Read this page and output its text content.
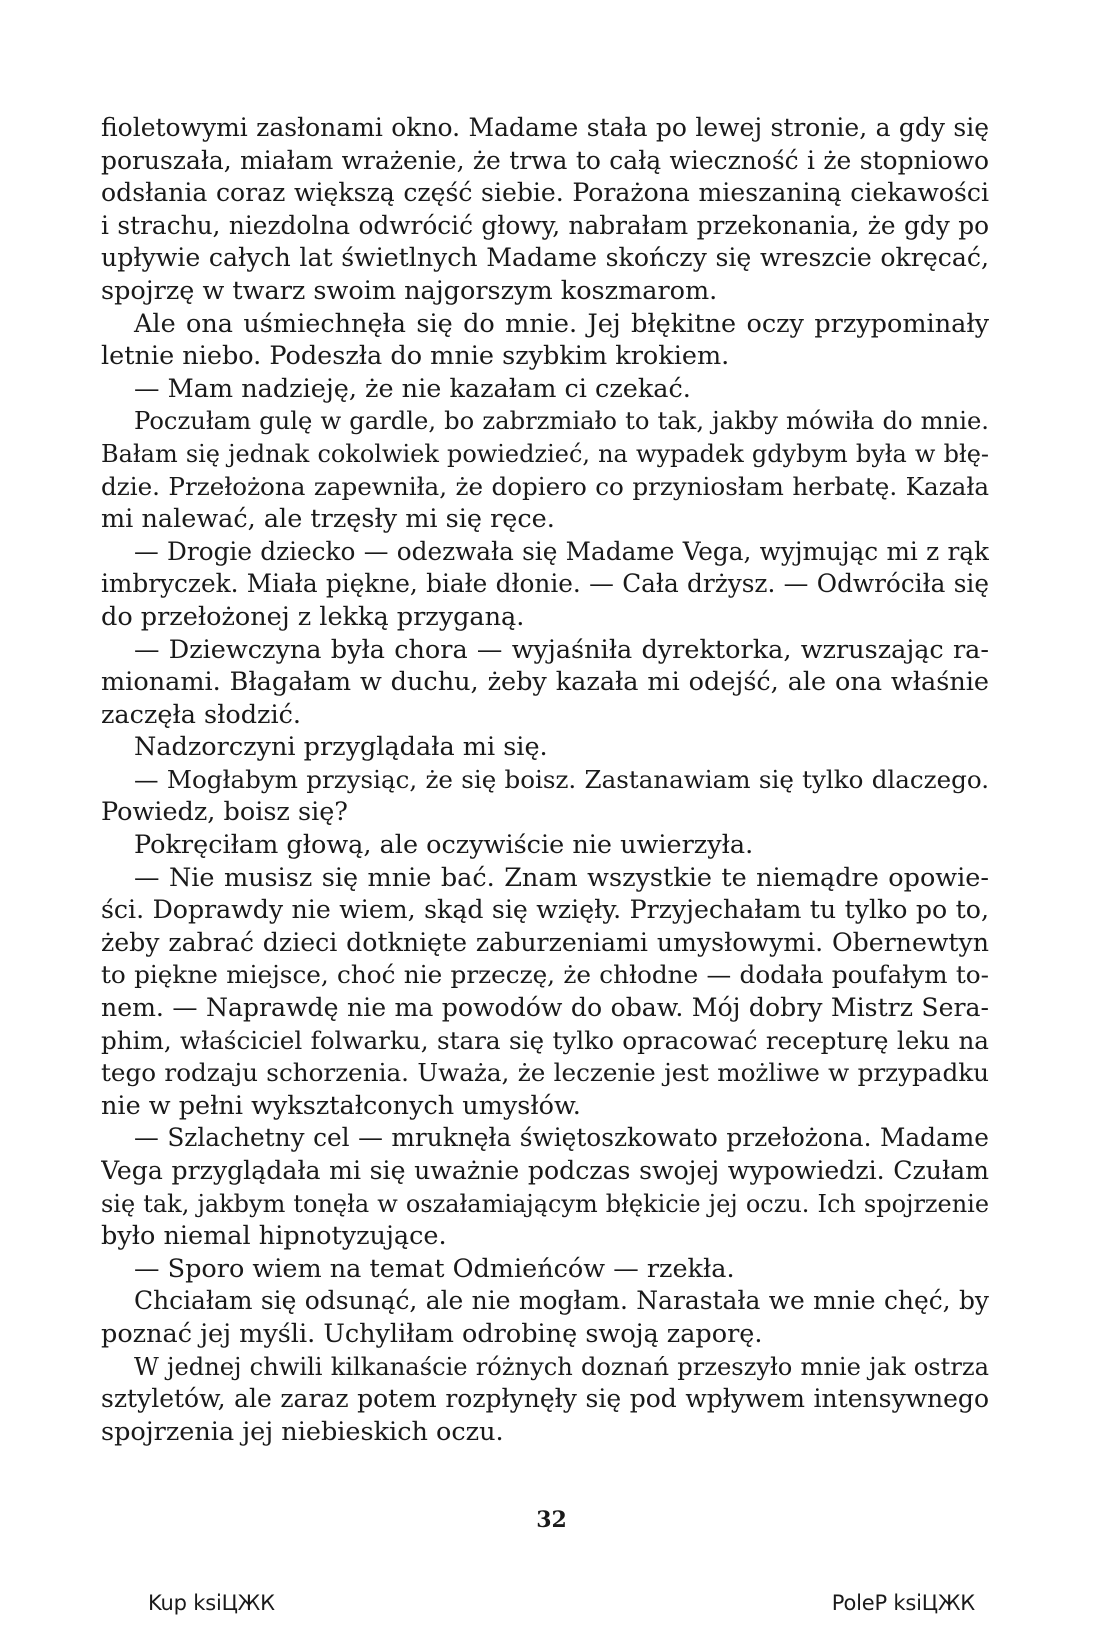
fioletowymi zasłonami okno. Madame stała po lewej stronie, a gdy się
poruszała, miałam wrażenie, że trwa to całą wieczność i że stopniowo
odsłania coraz większą część siebie. Porażona mieszaniną ciekawości
i strachu, niezdolna odwrócić głowy, nabrałam przekonania, że gdy po
upływie całych lat świetlnych Madame skończy się wreszcie okręcać,
spojrzę w twarz swoim najgorszym koszmarom.
Ale ona uśmiechnęła się do mnie. Jej błękitne oczy przypominały
letnie niebo. Podeszła do mnie szybkim krokiem.
— Mam nadzieję, że nie kazałam ci czekać.
Poczułam gulę w gardle, bo zabrzmiało to tak, jakby mówiła do mnie.
Bałam się jednak cokolwiek powiedzieć, na wypadek gdybym była w błę-
dzie. Przełożona zapewniła, że dopiero co przyniosłam herbatę. Kazała
mi nalewać, ale trzęsły mi się ręce.
— Drogie dziecko — odezwała się Madame Vega, wyjmując mi z rąk
imbryczek. Miała piękne, białe dłonie. — Cała drżysz. — Odwróciła się
do przełożonej z lekką przyganą.
— Dziewczyna była chora — wyjaśniła dyrektorka, wzruszając ra-
mionami. Błagałam w duchu, żeby kazała mi odejść, ale ona właśnie
zaczęła słodzić.
Nadzorczyni przyglądała mi się.
— Mogłabym przysiąc, że się boisz. Zastanawiam się tylko dlaczego.
Powiedz, boisz się?
Pokręciłam głową, ale oczywiście nie uwierzyła.
— Nie musisz się mnie bać. Znam wszystkie te niemądre opowie-
ści. Doprawdy nie wiem, skąd się wzięły. Przyjechałam tu tylko po to,
żeby zabrać dzieci dotknięte zaburzeniami umysłowymi. Obernewtyn
to piękne miejsce, choć nie przeczę, że chłodne — dodała poufałym to-
nem. — Naprawdę nie ma powodów do obaw. Mój dobry Mistrz Sera-
phim, właściciel folwarku, stara się tylko opracować recepturę leku na
tego rodzaju schorzenia. Uważa, że leczenie jest możliwe w przypadku
nie w pełni wykształconych umysłów.
— Szlachetny cel — mruknęła świętoszkowato przełożona. Madame
Vega przyglądała mi się uważnie podczas swojej wypowiedzi. Czułam
się tak, jakbym tonęła w oszałamiającym błękicie jej oczu. Ich spojrzenie
było niemal hipnotyzujące.
— Sporo wiem na temat Odmieńców — rzekła.
Chciałam się odsunąć, ale nie mogłam. Narastała we mnie chęć, by
poznać jej myśli. Uchyliłam odrobinę swoją zaporę.
W jednej chwili kilkanaście różnych doznań przeszyło mnie jak ostrza
sztyletów, ale zaraz potem rozpłynęły się pod wpływem intensywnego
spojrzenia jej niebieskich oczu.
32
Kup ksiЦЖК	PoleP ksiЦЖК
